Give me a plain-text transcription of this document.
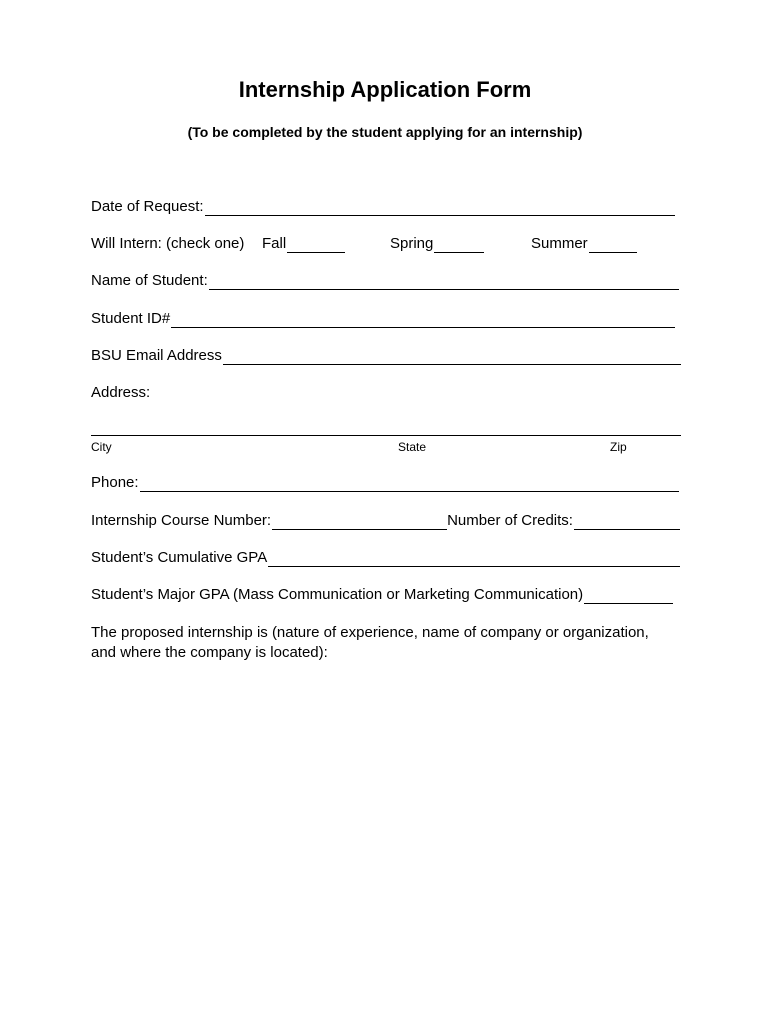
Internship Application Form
(To be completed by the student applying for an internship)
Date of Request:
Will Intern: (check one) Fall	Spring	Summer
Name of Student:
Student ID#
BSU Email Address
Address:
City	State	Zip
Phone:
Internship Course Number:	Number of Credits:
Student’s Cumulative GPA
Student’s Major GPA (Mass Communication or Marketing Communication)
The proposed internship is (nature of experience, name of company or organization,
and where the company is located):
